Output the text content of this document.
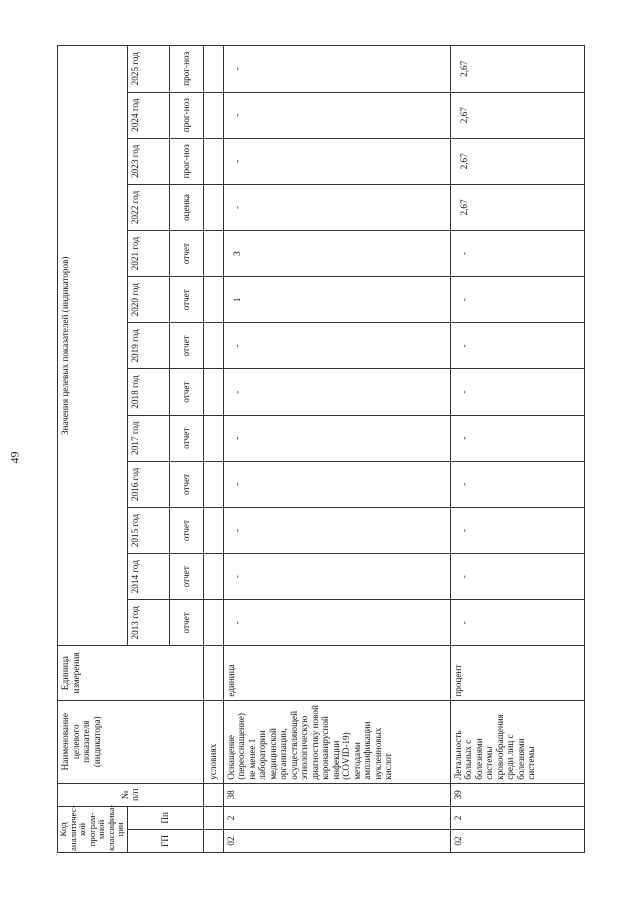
49
Код аналитичес-кой програм-мной классифика-ции		№ п/п	Наименование целевого показателя (индикатора)	Единица измерения	Значения целевых показателей (индикаторов)												
ГП	Пп				2013 год	2014 год	2015 год	2016 год	2017 год	2018 год	2019 год	2020 год	2021 год	2022 год	2023 год	2024 год	2025 год
					отчет	отчет	отчет	отчет	отчет	отчет	отчет	отчет	отчет	оценка	прог-ноз	прог-ноз	прог-ноз
			условиях														
02	2	38	Оснащение (переоснащение) не менее 1 лаборатории медицинской организации, осуществляющей этиологическую диагностику новой коронавирусной инфекции (COVID-19) методами амплификации нуклеиновых кислот	единица	-	-	-	-	-	-	-	1	3	-	-	-	-
02	2	39	Летальность больных с болезнями системы кровообращения среди лиц с болезнями системы	процент	-	-	-	-	-	-	-	-	-	2,67	2,67	2,67	2,67
